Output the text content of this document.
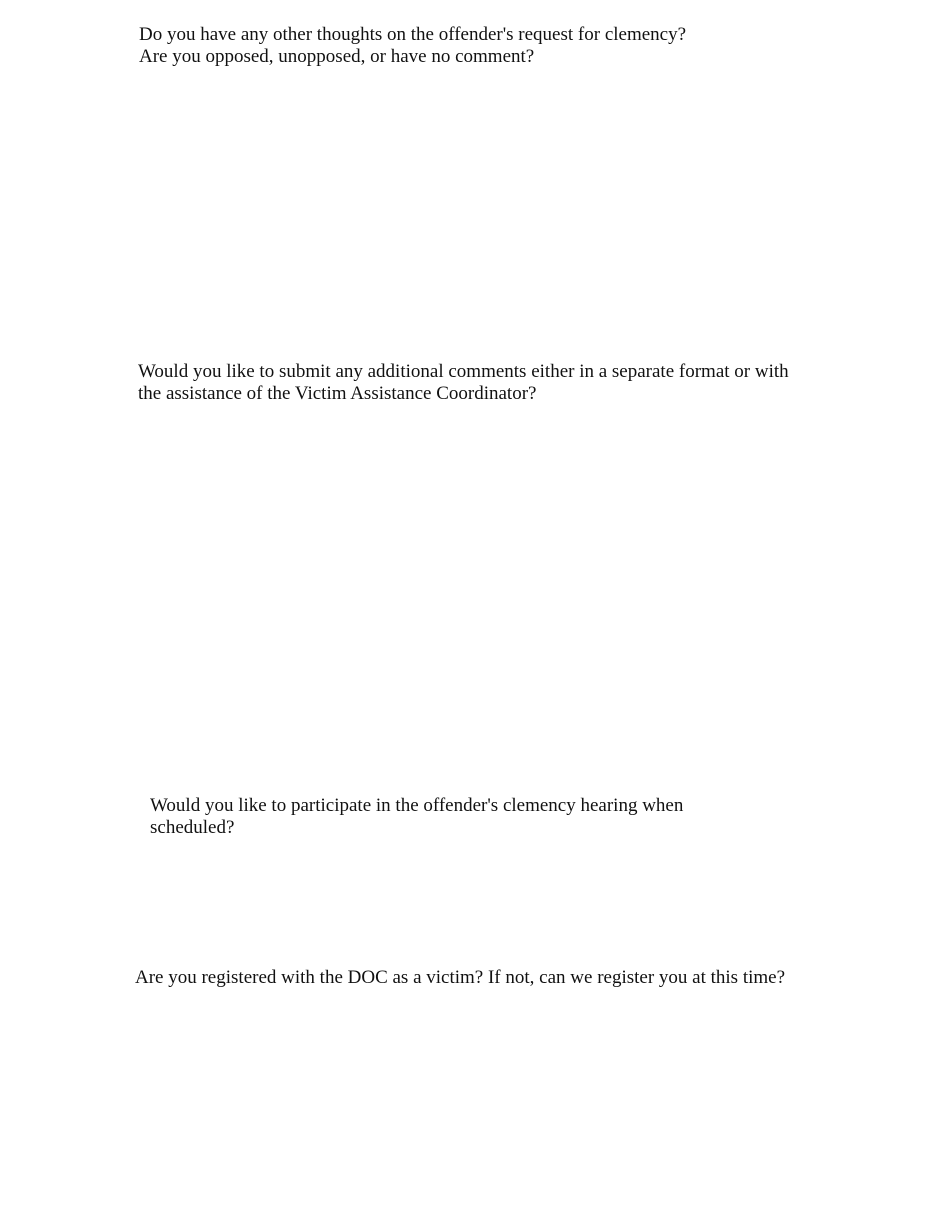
Do you have any other thoughts on the offender's request for clemency?
Are you opposed, unopposed, or have no comment?

Would you like to submit any additional comments either in a separate format or with
the assistance of the Victim Assistance Coordinator?

Would you like to participate in the offender's clemency hearing when
scheduled?

Are you registered with the DOC as a victim? If not, can we register you at this time?
